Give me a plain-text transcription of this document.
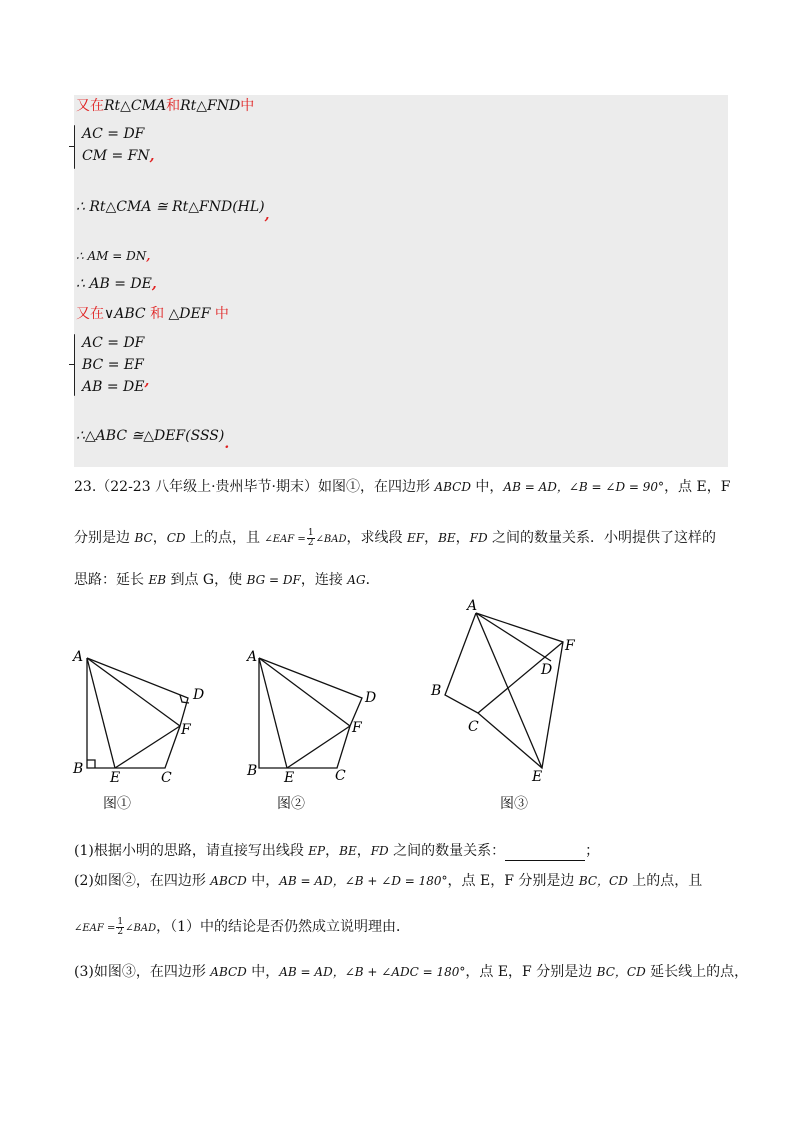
又在Rt△CMA和Rt△FND中
AC = DF
CM = FN,
∴ Rt△CMA ≅ Rt△FND(HL),
∴ AM = DN,
∴ AB = DE,
又在∨ABC 和 △DEF 中
AC = DF
BC = EF
AB = DE,
∴△ABC ≅△DEF(SSS).
23.（22-23 八年级上·贵州毕节·期末）如图①，在四边形 ABCD 中，AB = AD，∠B = ∠D = 90°，点 E，F
分别是边 BC，CD 上的点，且 ∠EAF = $\frac{1}{2}$ ∠BAD，求线段 EF，BE，FD 之间的数量关系．小明提供了这样的
思路：延长 EB 到点 G，使 BG = DF，连接 AG．
A
B
C
D
E
F
图①
A
B	C
D
E
F
图②
A
B
C
D
E
F
图③
(1)根据小明的思路，请直接写出线段 EP，BE，FD 之间的数量关系：	；
(2)如图②，在四边形 ABCD 中，AB = AD，∠B + ∠D = 180°，点 E，F 分别是边 BC，CD 上的点，且
∠EAF = $\frac{1}{2}$ ∠BAD，（1）中的结论是否仍然成立说明理由．
(3)如图③，在四边形 ABCD 中，AB = AD，∠B + ∠ADC = 180°，点 E，F 分别是边 BC，CD 延长线上的点，
